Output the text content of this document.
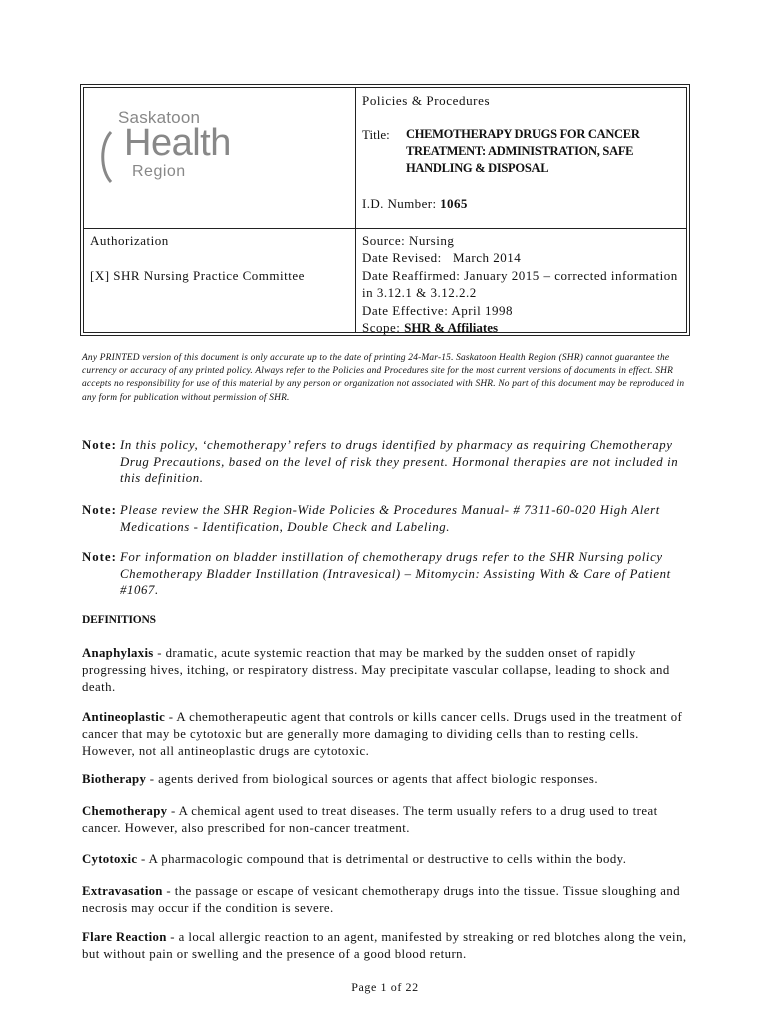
Saskatoon
Health
Region
Policies & Procedures
Title: CHEMOTHERAPY DRUGS FOR CANCER TREATMENT: ADMINISTRATION, SAFE HANDLING & DISPOSAL
I.D. Number: 1065
Authorization
[X] SHR Nursing Practice Committee
Source: Nursing
Date Revised:   March 2014
Date Reaffirmed: January 2015 – corrected information in 3.12.1 & 3.12.2.2
Date Effective: April 1998
Scope: SHR & Affiliates
Any PRINTED version of this document is only accurate up to the date of printing 24-Mar-15. Saskatoon Health Region (SHR) cannot guarantee the currency or accuracy of any printed policy. Always refer to the Policies and Procedures site for the most current versions of documents in effect. SHR accepts no responsibility for use of this material by any person or organization not associated with SHR. No part of this document may be reproduced in any form for publication without permission of SHR.
Note: In this policy, ‘chemotherapy’ refers to drugs identified by pharmacy as requiring Chemotherapy Drug Precautions, based on the level of risk they present. Hormonal therapies are not included in this definition.
Note: Please review the SHR Region-Wide Policies & Procedures Manual- # 7311-60-020 High Alert Medications - Identification, Double Check and Labeling.
Note: For information on bladder instillation of chemotherapy drugs refer to the SHR Nursing policy Chemotherapy Bladder Instillation (Intravesical) – Mitomycin: Assisting With & Care of Patient #1067.
DEFINITIONS
Anaphylaxis - dramatic, acute systemic reaction that may be marked by the sudden onset of rapidly progressing hives, itching, or respiratory distress. May precipitate vascular collapse, leading to shock and death.
Antineoplastic - A chemotherapeutic agent that controls or kills cancer cells. Drugs used in the treatment of cancer that may be cytotoxic but are generally more damaging to dividing cells than to resting cells. However, not all antineoplastic drugs are cytotoxic.
Biotherapy - agents derived from biological sources or agents that affect biologic responses.
Chemotherapy - A chemical agent used to treat diseases. The term usually refers to a drug used to treat cancer. However, also prescribed for non-cancer treatment.
Cytotoxic - A pharmacologic compound that is detrimental or destructive to cells within the body.
Extravasation - the passage or escape of vesicant chemotherapy drugs into the tissue. Tissue sloughing and necrosis may occur if the condition is severe.
Flare Reaction - a local allergic reaction to an agent, manifested by streaking or red blotches along the vein, but without pain or swelling and the presence of a good blood return.
Page 1 of 22
